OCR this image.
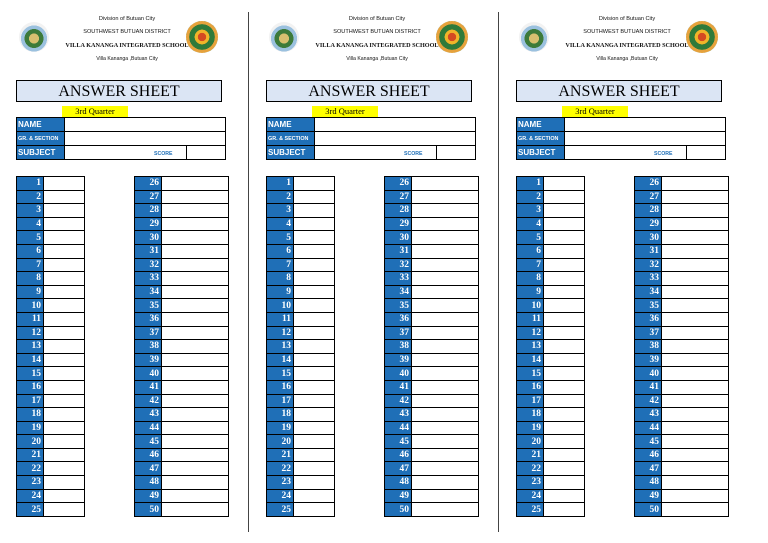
Division of Butuan City
SOUTHWEST BUTUAN DISTRICT
VILLA KANANGA INTEGRATED SCHOOL
Villa Kananga ,Butuan City
ANSWER SHEET
3rd Quarter
NAME		
GR. & SECTION		
SUBJECT			SCORE
1	
2	
3	
4	
5	
6	
7	
8	
9	
10	
11	
12	
13	
14	
15	
16	
17	
18	
19	
20	
21	
22	
23	
24	
25	
26	
27	
28	
29	
30	
31	
32	
33	
34	
35	
36	
37	
38	
39	
40	
41	
42	
43	
44	
45	
46	
47	
48	
49	
50	
Division of Butuan City
SOUTHWEST BUTUAN DISTRICT
VILLA KANANGA INTEGRATED SCHOOL
Villa Kananga ,Butuan City
ANSWER SHEET
3rd Quarter
NAME		
GR. & SECTION		
SUBJECT			SCORE
1	
2	
3	
4	
5	
6	
7	
8	
9	
10	
11	
12	
13	
14	
15	
16	
17	
18	
19	
20	
21	
22	
23	
24	
25	
26	
27	
28	
29	
30	
31	
32	
33	
34	
35	
36	
37	
38	
39	
40	
41	
42	
43	
44	
45	
46	
47	
48	
49	
50	
Division of Butuan City
SOUTHWEST BUTUAN DISTRICT
VILLA KANANGA INTEGRATED SCHOOL
Villa Kananga ,Butuan City
ANSWER SHEET
3rd Quarter
NAME		
GR. & SECTION		
SUBJECT			SCORE
1	
2	
3	
4	
5	
6	
7	
8	
9	
10	
11	
12	
13	
14	
15	
16	
17	
18	
19	
20	
21	
22	
23	
24	
25	
26	
27	
28	
29	
30	
31	
32	
33	
34	
35	
36	
37	
38	
39	
40	
41	
42	
43	
44	
45	
46	
47	
48	
49	
50	
